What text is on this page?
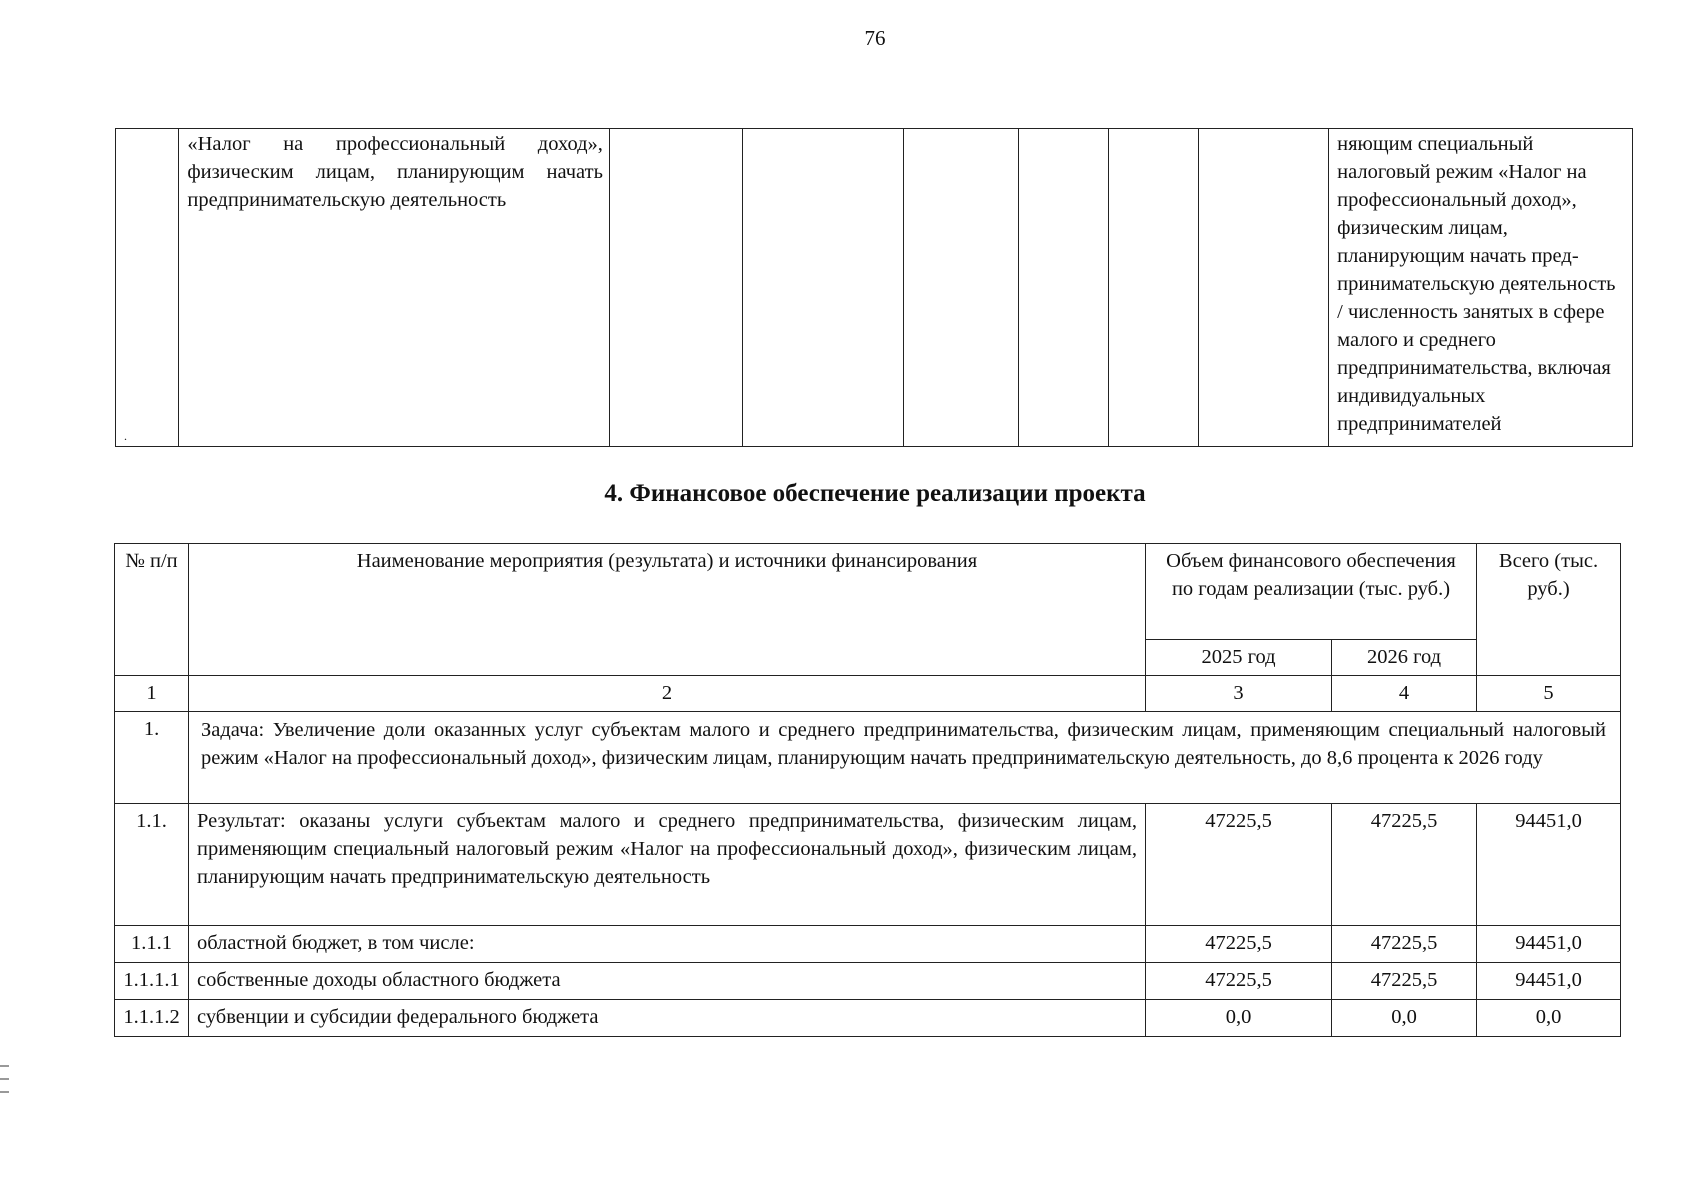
76
.
	«Налог на профессиональный доход», физическим лицам, планирующим начать предпринимательскую деятельность							няющим специальный налоговый режим «Налог на профессиональный доход», физическим лицам, планирующим начать предпринимательскую деятельность / численность занятых в сфере малого и среднего предпринимательства, включая индивидуальных предпринимателей
4. Финансовое обеспечение реализации проекта
№ п/п	Наименование мероприятия (результата) и источники финансирования	Объем финансового обеспечения по годам реализации (тыс. руб.)		Всего (тыс. руб.)
		2025 год	2026 год	
1	2	3	4	5
1.	Задача: Увеличение доли оказанных услуг субъектам малого и среднего предпринимательства, физическим лицам, применяющим специальный налоговый режим «Налог на профессиональный доход», физическим лицам, планирующим начать предпринимательскую деятельность, до 8,6 процента к 2026 году			
1.1.	Результат: оказаны услуги субъектам малого и среднего предпринимательства, физическим лицам, применяющим специальный налоговый режим «Налог на профессиональный доход», физическим лицам, планирующим начать предпринимательскую деятельность	47225,5	47225,5	94451,0
1.1.1	областной бюджет, в том числе:	47225,5	47225,5	94451,0
1.1.1.1	собственные доходы областного бюджета	47225,5	47225,5	94451,0
1.1.1.2	субвенции и субсидии федерального бюджета	0,0	0,0	0,0
